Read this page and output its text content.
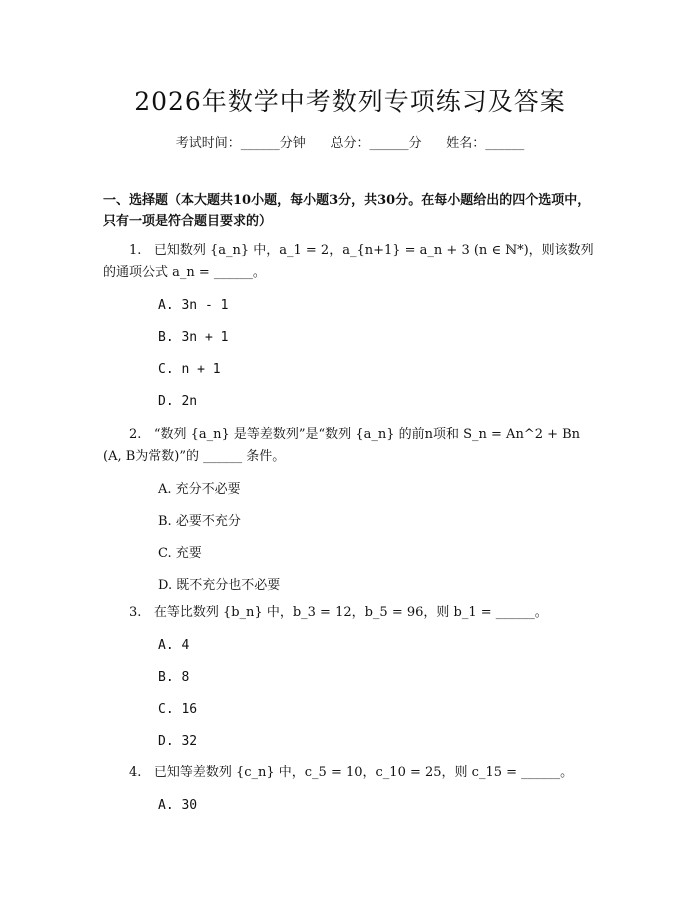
2026年数学中考数列专项练习及答案
考试时间：______分钟      总分：______分      姓名：______
一、选择题（本大题共10小题，每小题3分，共30分。在每小题给出的四个选项中，只有一项是符合题目要求的）
1. 已知数列 {a_n} 中，a_1 = 2，a_{n+1} = a_n + 3 (n ∈ ℕ*)，则该数列的通项公式 a_n = ______。
A. 3n - 1
B. 3n + 1
C. n + 1
D. 2n
2. “数列 {a_n} 是等差数列”是“数列 {a_n} 的前n项和 S_n = An^2 + Bn (A, B为常数)”的 ______ 条件。
A. 充分不必要
B. 必要不充分
C. 充要
D. 既不充分也不必要
3. 在等比数列 {b_n} 中，b_3 = 12，b_5 = 96，则 b_1 = ______。
A. 4
B. 8
C. 16
D. 32
4. 已知等差数列 {c_n} 中，c_5 = 10，c_10 = 25，则 c_15 = ______。
A. 30
